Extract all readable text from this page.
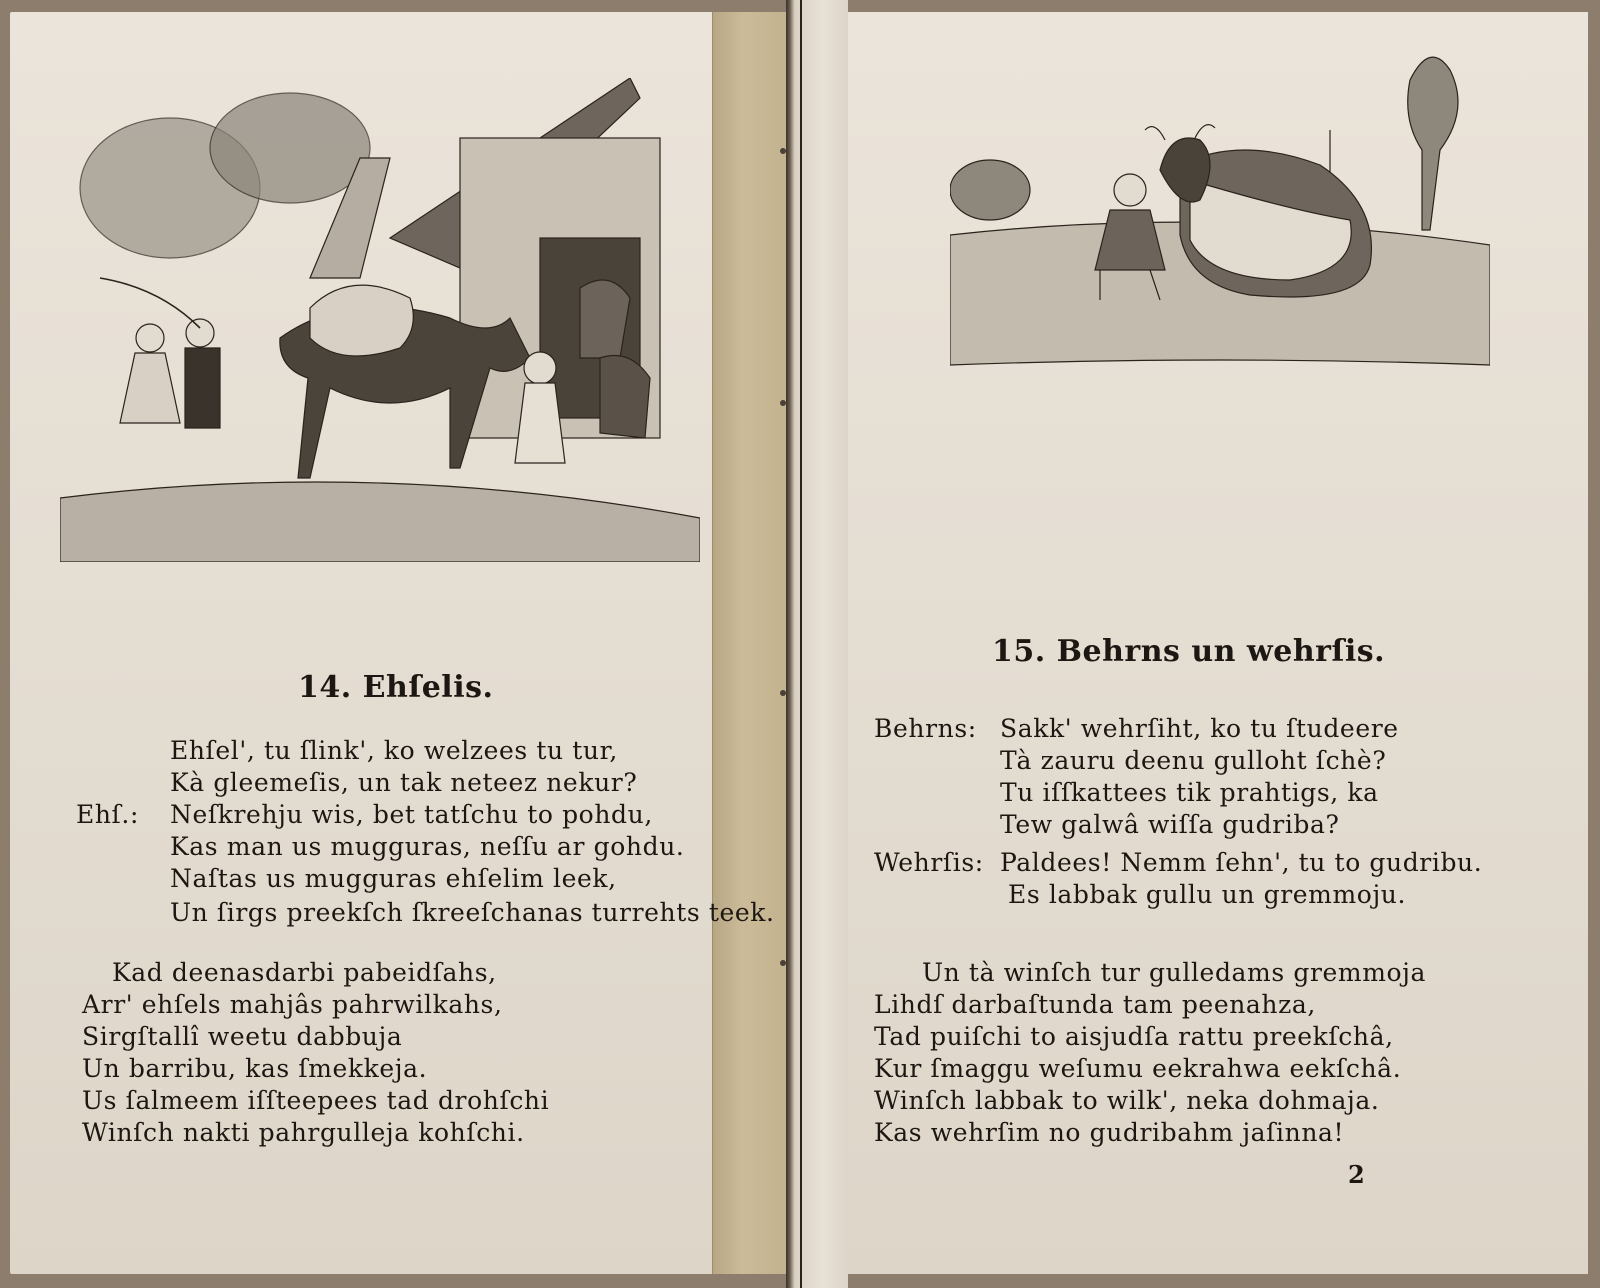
14. Ehſelis.
Ehſel', tu ſlink', ko welzees tu tur,
Kà gleemeſis, un tak neteez nekur?
Ehſ.: Neſkrehju wis, bet tatſchu to pohdu,
Kas man us mugguras, neſſu ar gohdu.
Naſtas us mugguras ehſelim leek,
Un ſirgs preekſch ſkreeſchanas turrehts teek.
Kad deenasdarbi pabeidſahs,
Arr' ehſels mahjâs pahrwilkahs,
Sirgſtallî weetu dabbuja
Un barribu, kas ſmekkeja.
Us ſalmeem iſſteepees tad drohſchi
Winſch nakti pahrgulleja kohſchi.
15. Behrns un wehrſis.
Behrns: Sakk' wehrſiht, ko tu ſtudeere
Tà zauru deenu gulloht ſchè?
Tu iſſkattees tik prahtigs, ka
Tew galwâ wiſſa gudriba?
Wehrſis: Paldees! Nemm ſehn', tu to gudribu.
Es labbak gullu un gremmoju.
Un tà winſch tur gulledams gremmoja
Lihdſ darbaſtunda tam peenahza,
Tad puiſchi to aisjudſa rattu preekſchâ,
Kur ſmaggu weſumu eekrahwa eekſchâ.
Winſch labbak to wilk', neka dohmaja.
Kas wehrſim no gudribahm jaſinna!
2
